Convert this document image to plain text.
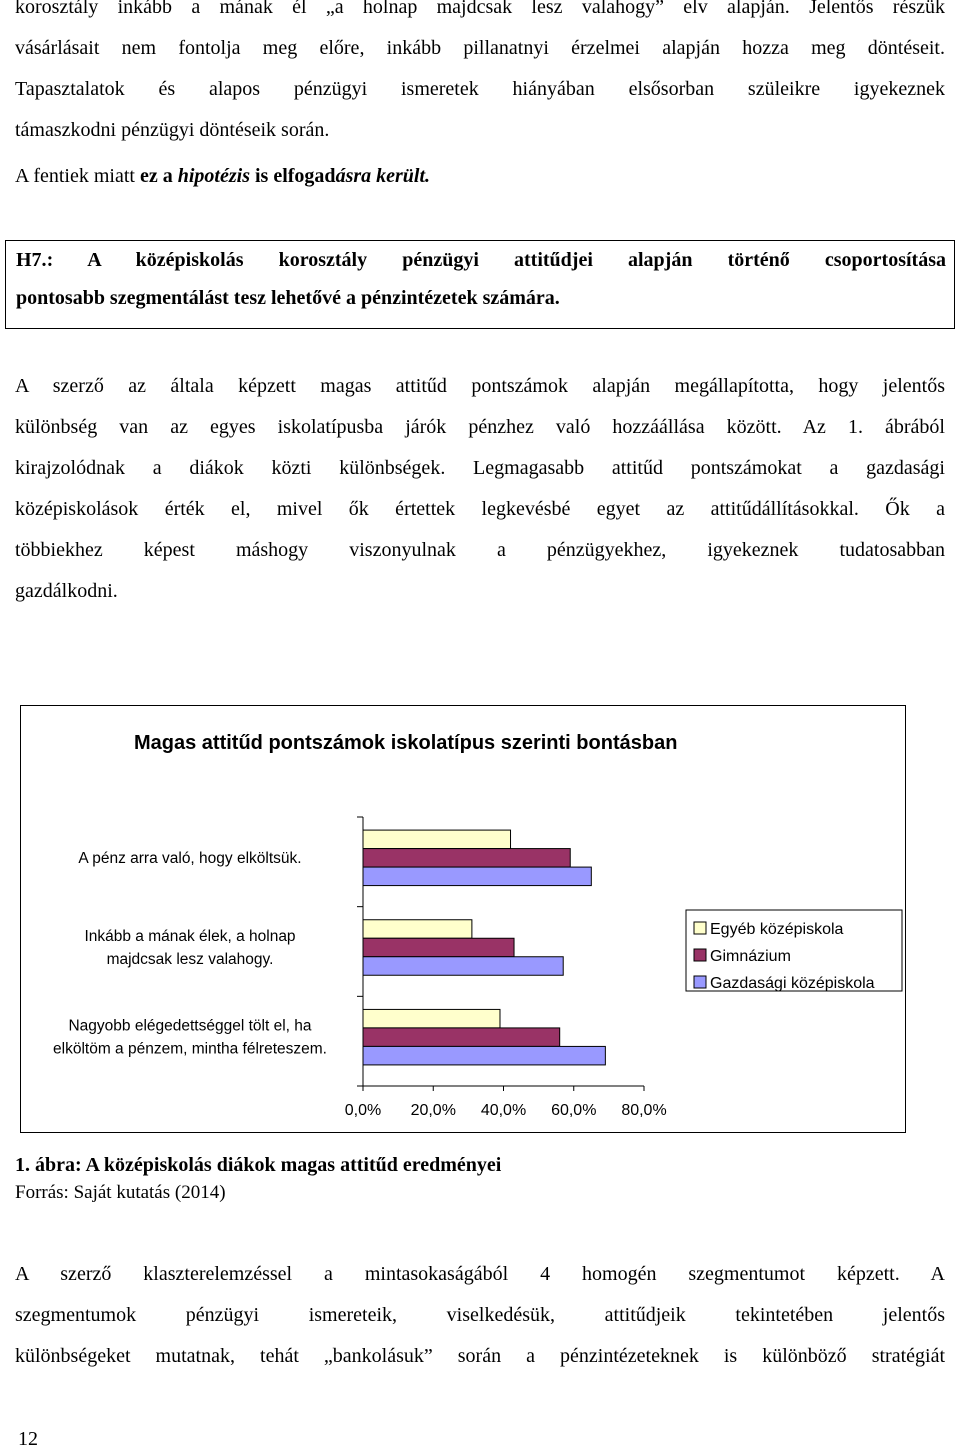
korosztály inkább a mának él „a holnap majdcsak lesz valahogy” elv alapján. Jelentős részük
vásárlásait nem fontolja meg előre, inkább pillanatnyi érzelmei alapján hozza meg döntéseit.
Tapasztalatok és alapos pénzügyi ismeretek hiányában elsősorban szüleikre igyekeznek
támaszkodni pénzügyi döntéseik során.
A fentiek miatt ez a hipotézis is elfogadásra került.
H7.: A középiskolás korosztály pénzügyi attitűdjei alapján történő csoportosítása
pontosabb szegmentálást tesz lehetővé a pénzintézetek számára.
A szerző az általa képzett magas attitűd pontszámok alapján megállapította, hogy jelentős
különbség van az egyes iskolatípusba járók pénzhez való hozzáállása között. Az 1. ábrából
kirajzolódnak a diákok közti különbségek. Legmagasabb attitűd pontszámokat a gazdasági
középiskolások érték el, mivel ők értettek legkevésbé egyet az attitűdállításokkal. Ők a
többiekhez képest máshogy viszonyulnak a pénzügyekhez, igyekeznek tudatosabban
gazdálkodni.
Magas attitűd pontszámok iskolatípus szerinti bontásban
0,0% 20,0% 40,0% 60,0% 80,0%
A pénz arra való, hogy elköltsük.
Inkább a mának élek, a holnap
majdcsak lesz valahogy.
Nagyobb elégedettséggel tölt el, ha
elköltöm a pénzem, mintha félreteszem.
Egyéb középiskola
Gimnázium
Gazdasági középiskola
1. ábra: A középiskolás diákok magas attitűd eredményei
Forrás: Saját kutatás (2014)
A szerző klaszterelemzéssel a mintasokaságából 4 homogén szegmentumot képzett. A
szegmentumok pénzügyi ismereteik, viselkedésük, attitűdjeik tekintetében jelentős
különbségeket mutatnak, tehát „bankolásuk” során a pénzintézeteknek is különböző stratégiát
12
